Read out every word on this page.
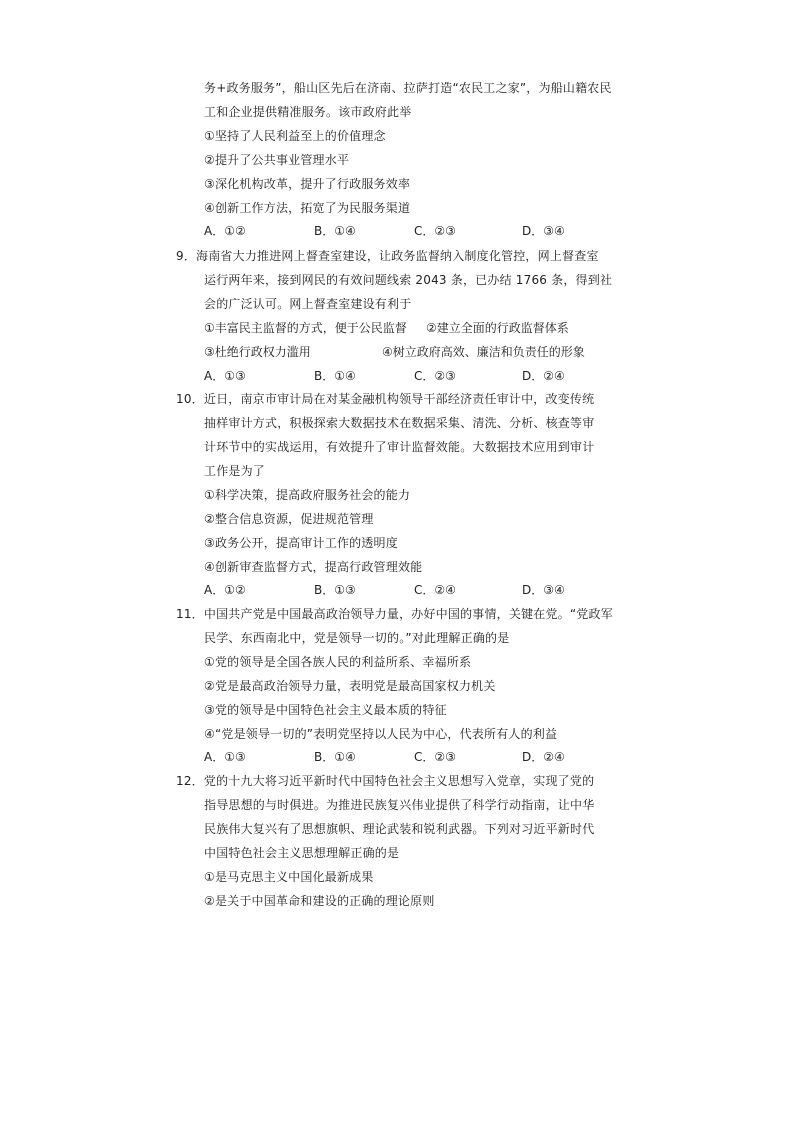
务+政务服务”，船山区先后在济南、拉萨打造“农民工之家”，为船山籍农民
工和企业提供精准服务。该市政府此举
①坚持了人民利益至上的价值理念
②提升了公共事业管理水平
③深化机构改革，提升了行政服务效率
④创新工作方法，拓宽了为民服务渠道
A．①②	B．①④	C．②③	D．③④
9．海南省大力推进网上督查室建设，让政务监督纳入制度化管控，网上督查室
运行两年来，接到网民的有效问题线索 2043 条，已办结 1766 条，得到社
会的广泛认可。网上督查室建设有利于
①丰富民主监督的方式，便于公民监督 ②建立全面的行政监督体系
③杜绝行政权力滥用	④树立政府高效、廉洁和负责任的形象
A．①③	B．①④	C．②③	D．②④
10．近日，南京市审计局在对某金融机构领导干部经济责任审计中，改变传统
抽样审计方式，积极探索大数据技术在数据采集、清洗、分析、核查等审
计环节中的实战运用，有效提升了审计监督效能。大数据技术应用到审计
工作是为了
①科学决策，提高政府服务社会的能力
②整合信息资源，促进规范管理
③政务公开，提高审计工作的透明度
④创新审查监督方式，提高行政管理效能
A．①②	B．①③	C．②④	D．③④
11．中国共产党是中国最高政治领导力量，办好中国的事情，关键在党。“党政军
民学、东西南北中，党是领导一切的。”对此理解正确的是
①党的领导是全国各族人民的利益所系、幸福所系
②党是最高政治领导力量，表明党是最高国家权力机关
③党的领导是中国特色社会主义最本质的特征
④“党是领导一切的”表明党坚持以人民为中心，代表所有人的利益
A．①③	B．①④	C．②③	D．②④
12．党的十九大将习近平新时代中国特色社会主义思想写入党章，实现了党的
指导思想的与时俱进。为推进民族复兴伟业提供了科学行动指南，让中华
民族伟大复兴有了思想旗帜、理论武装和锐利武器。下列对习近平新时代
中国特色社会主义思想理解正确的是
①是马克思主义中国化最新成果
②是关于中国革命和建设的正确的理论原则
